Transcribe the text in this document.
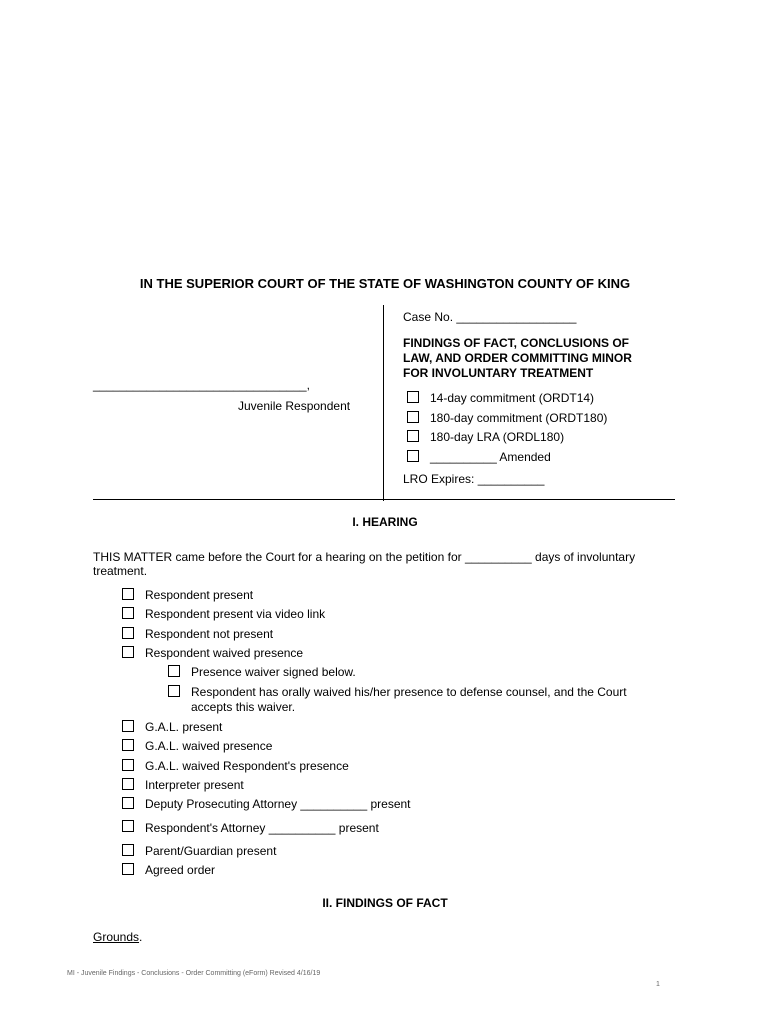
IN THE SUPERIOR COURT OF THE STATE OF WASHINGTON COUNTY OF KING
________________________________,
Juvenile Respondent
Case No. __________________
FINDINGS OF FACT, CONCLUSIONS OF
LAW, AND ORDER COMMITTING MINOR
FOR INVOLUNTARY TREATMENT
14-day commitment (ORDT14)
180-day commitment (ORDT180)
180-day LRA (ORDL180)
__________ Amended
LRO Expires: __________
I. HEARING
THIS MATTER came before the Court for a hearing on the petition for __________ days of involuntary
treatment.
Respondent present
Respondent present via video link
Respondent not present
Respondent waived presence
Presence waiver signed below.
Respondent has orally waived his/her presence to defense counsel, and the Court
accepts this waiver.
G.A.L. present
G.A.L. waived presence
G.A.L. waived Respondent's presence
Interpreter present
Deputy Prosecuting Attorney __________ present
Respondent's Attorney __________ present
Parent/Guardian present
Agreed order
II. FINDINGS OF FACT
Grounds.
MI - Juvenile Findings - Conclusions - Order Committing (eForm) Revised 4/16/19
1
